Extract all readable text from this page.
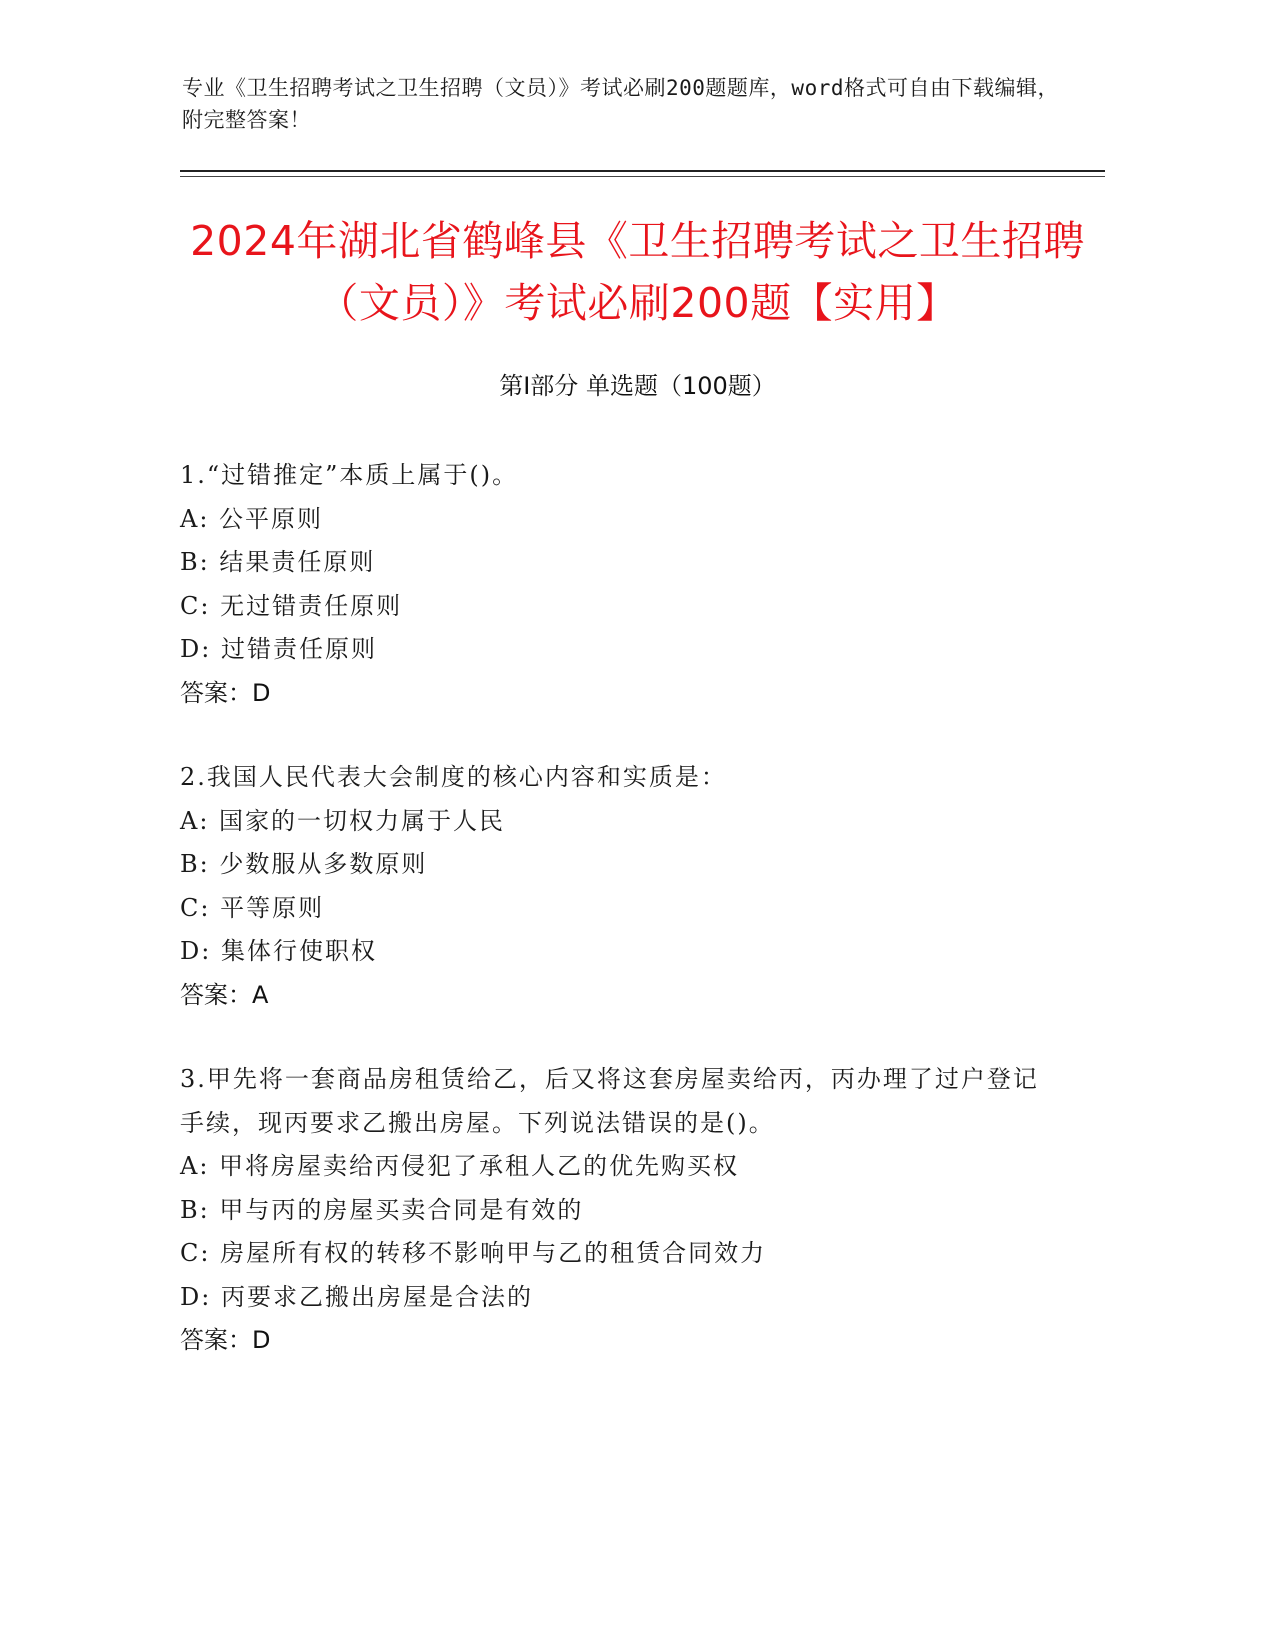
专业《卫生招聘考试之卫生招聘（文员）》考试必刷200题题库，word格式可自由下载编辑，附完整答案！
2024年湖北省鹤峰县《卫生招聘考试之卫生招聘（文员）》考试必刷200题【实用】
第I部分 单选题（100题）
1.“过错推定”本质上属于()。
A: 公平原则
B: 结果责任原则
C: 无过错责任原则
D: 过错责任原则
答案：D
2.我国人民代表大会制度的核心内容和实质是：
A: 国家的一切权力属于人民
B: 少数服从多数原则
C: 平等原则
D: 集体行使职权
答案：A
3.甲先将一套商品房租赁给乙，后又将这套房屋卖给丙，丙办理了过户登记手续，现丙要求乙搬出房屋。下列说法错误的是()。
A: 甲将房屋卖给丙侵犯了承租人乙的优先购买权
B: 甲与丙的房屋买卖合同是有效的
C: 房屋所有权的转移不影响甲与乙的租赁合同效力
D: 丙要求乙搬出房屋是合法的
答案：D
